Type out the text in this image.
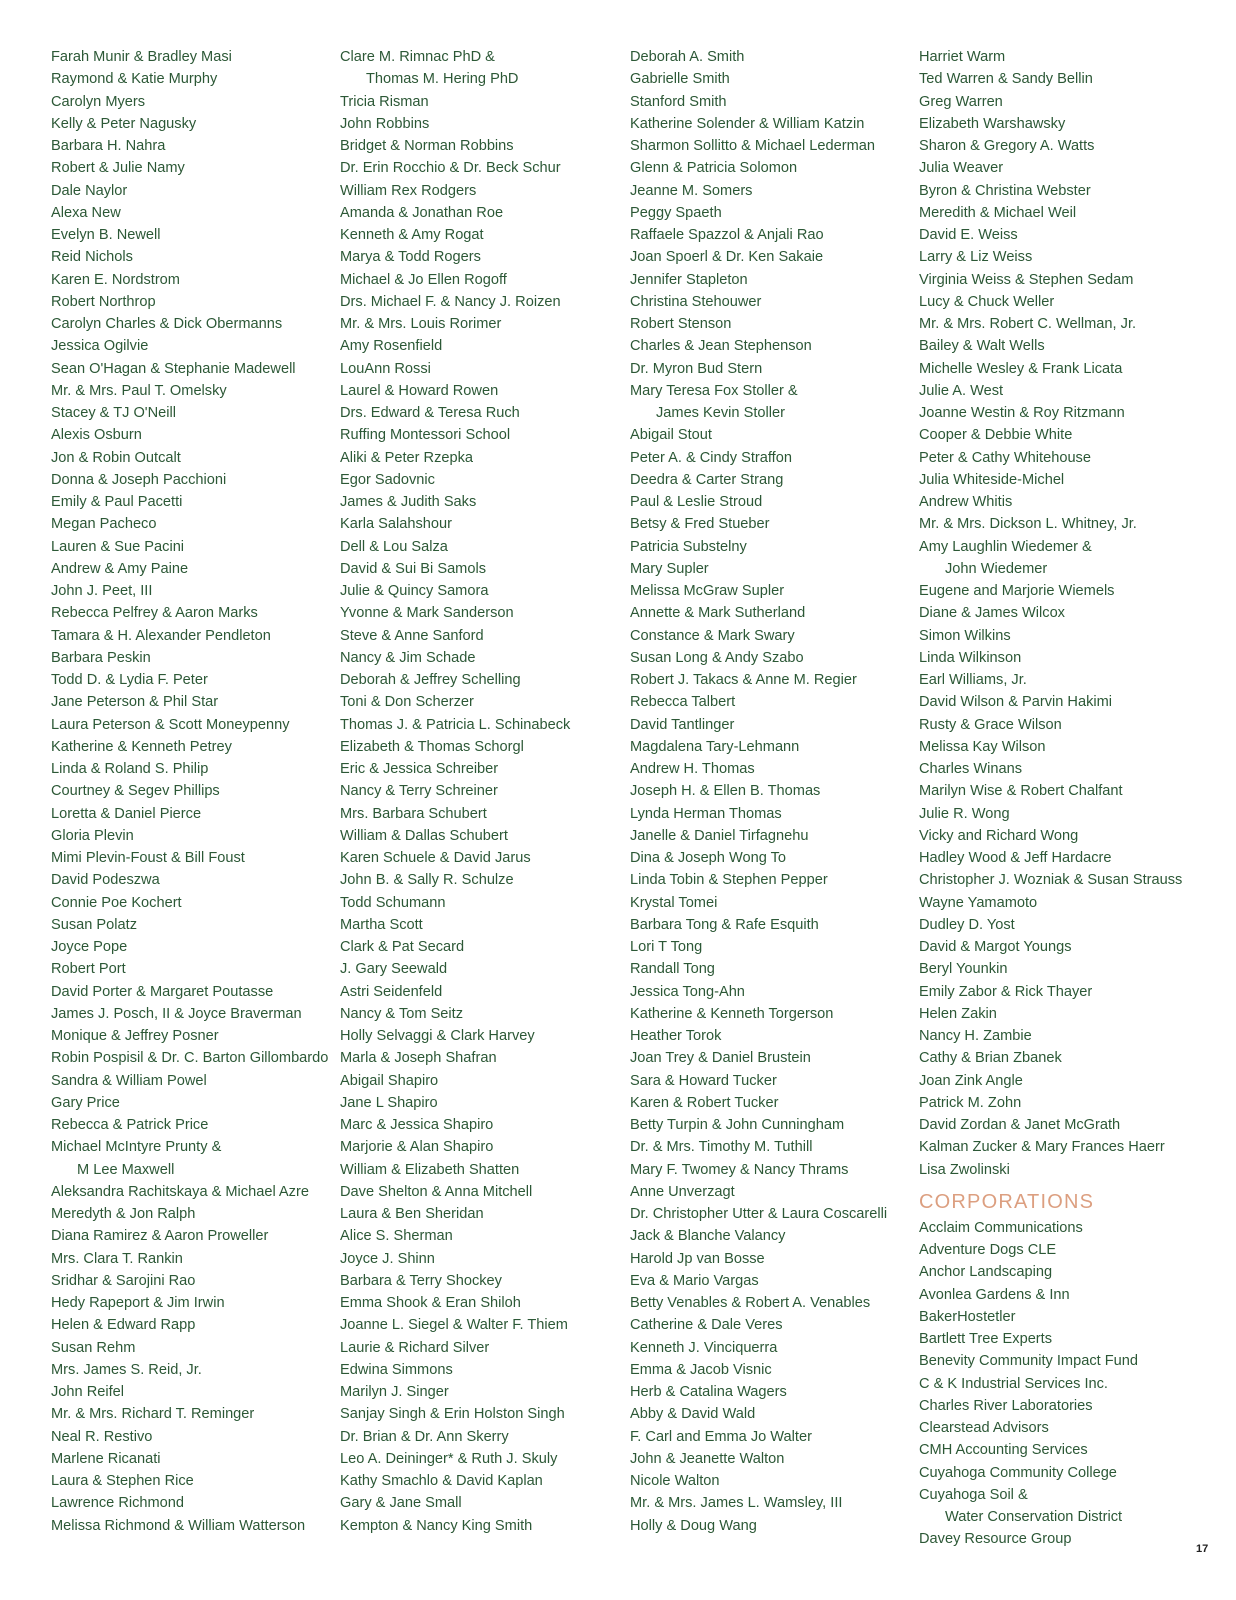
Farah Munir & Bradley Masi
Raymond & Katie Murphy
Carolyn Myers
Kelly & Peter Nagusky
Barbara H. Nahra
Robert & Julie Namy
Dale Naylor
Alexa New
Evelyn B. Newell
Reid Nichols
Karen E. Nordstrom
Robert Northrop
Carolyn Charles & Dick Obermanns
Jessica Ogilvie
Sean O'Hagan & Stephanie Madewell
Mr. & Mrs. Paul T. Omelsky
Stacey & TJ O'Neill
Alexis Osburn
Jon & Robin Outcalt
Donna & Joseph Pacchioni
Emily & Paul Pacetti
Megan Pacheco
Lauren & Sue Pacini
Andrew & Amy Paine
John J. Peet, III
Rebecca Pelfrey & Aaron Marks
Tamara & H. Alexander Pendleton
Barbara Peskin
Todd D. & Lydia F. Peter
Jane Peterson & Phil Star
Laura Peterson & Scott Moneypenny
Katherine & Kenneth Petrey
Linda & Roland S. Philip
Courtney & Segev Phillips
Loretta & Daniel Pierce
Gloria Plevin
Mimi Plevin-Foust & Bill Foust
David Podeszwa
Connie Poe Kochert
Susan Polatz
Joyce Pope
Robert Port
David Porter & Margaret Poutasse
James J. Posch, II & Joyce Braverman
Monique & Jeffrey Posner
Robin Pospisil & Dr. C. Barton Gillombardo
Sandra & William Powel
Gary Price
Rebecca & Patrick Price
Michael McIntyre Prunty &
M Lee Maxwell
Aleksandra Rachitskaya & Michael Azre
Meredyth & Jon Ralph
Diana Ramirez & Aaron Proweller
Mrs. Clara T. Rankin
Sridhar & Sarojini Rao
Hedy Rapeport & Jim Irwin
Helen & Edward Rapp
Susan Rehm
Mrs. James S. Reid, Jr.
John Reifel
Mr. & Mrs. Richard T. Reminger
Neal R. Restivo
Marlene Ricanati
Laura & Stephen Rice
Lawrence Richmond
Melissa Richmond & William Watterson
Clare M. Rimnac PhD &
Thomas M. Hering PhD
Tricia Risman
John Robbins
Bridget & Norman Robbins
Dr. Erin Rocchio & Dr. Beck Schur
William Rex Rodgers
Amanda & Jonathan Roe
Kenneth & Amy Rogat
Marya & Todd Rogers
Michael & Jo Ellen Rogoff
Drs. Michael F. & Nancy J. Roizen
Mr. & Mrs. Louis Rorimer
Amy Rosenfield
LouAnn Rossi
Laurel & Howard Rowen
Drs. Edward & Teresa Ruch
Ruffing Montessori School
Aliki & Peter Rzepka
Egor Sadovnic
James & Judith Saks
Karla Salahshour
Dell & Lou Salza
David & Sui Bi Samols
Julie & Quincy Samora
Yvonne & Mark Sanderson
Steve & Anne Sanford
Nancy & Jim Schade
Deborah & Jeffrey Schelling
Toni & Don Scherzer
Thomas J. & Patricia L. Schinabeck
Elizabeth & Thomas Schorgl
Eric & Jessica Schreiber
Nancy & Terry Schreiner
Mrs. Barbara Schubert
William & Dallas Schubert
Karen Schuele & David Jarus
John B. & Sally R. Schulze
Todd Schumann
Martha Scott
Clark & Pat Secard
J. Gary Seewald
Astri Seidenfeld
Nancy & Tom Seitz
Holly Selvaggi & Clark Harvey
Marla & Joseph Shafran
Abigail Shapiro
Jane L Shapiro
Marc & Jessica Shapiro
Marjorie & Alan Shapiro
William & Elizabeth Shatten
Dave Shelton & Anna Mitchell
Laura & Ben Sheridan
Alice S. Sherman
Joyce J. Shinn
Barbara & Terry Shockey
Emma Shook & Eran Shiloh
Joanne L. Siegel & Walter F. Thiem
Laurie & Richard Silver
Edwina Simmons
Marilyn J. Singer
Sanjay Singh & Erin Holston Singh
Dr. Brian & Dr. Ann Skerry
Leo A. Deininger* & Ruth J. Skuly
Kathy Smachlo & David Kaplan
Gary & Jane Small
Kempton & Nancy King Smith
Deborah A. Smith
Gabrielle Smith
Stanford Smith
Katherine Solender & William Katzin
Sharmon Sollitto & Michael Lederman
Glenn & Patricia Solomon
Jeanne M. Somers
Peggy Spaeth
Raffaele Spazzol & Anjali Rao
Joan Spoerl & Dr. Ken Sakaie
Jennifer Stapleton
Christina Stehouwer
Robert Stenson
Charles & Jean Stephenson
Dr. Myron Bud Stern
Mary Teresa Fox Stoller &
James Kevin Stoller
Abigail Stout
Peter A. & Cindy Straffon
Deedra & Carter Strang
Paul & Leslie Stroud
Betsy & Fred Stueber
Patricia Substelny
Mary Supler
Melissa McGraw Supler
Annette & Mark Sutherland
Constance & Mark Swary
Susan Long & Andy Szabo
Robert J. Takacs & Anne M. Regier
Rebecca Talbert
David Tantlinger
Magdalena Tary-Lehmann
Andrew H. Thomas
Joseph H. & Ellen B. Thomas
Lynda Herman Thomas
Janelle & Daniel Tirfagnehu
Dina & Joseph Wong To
Linda Tobin & Stephen Pepper
Krystal Tomei
Barbara Tong & Rafe Esquith
Lori T Tong
Randall Tong
Jessica Tong-Ahn
Katherine & Kenneth Torgerson
Heather Torok
Joan Trey & Daniel Brustein
Sara & Howard Tucker
Karen & Robert Tucker
Betty Turpin & John Cunningham
Dr. & Mrs. Timothy M. Tuthill
Mary F. Twomey & Nancy Thrams
Anne Unverzagt
Dr. Christopher Utter & Laura Coscarelli
Jack & Blanche Valancy
Harold Jp van Bosse
Eva & Mario Vargas
Betty Venables & Robert A. Venables
Catherine & Dale Veres
Kenneth J. Vinciquerra
Emma & Jacob Visnic
Herb & Catalina Wagers
Abby & David Wald
F. Carl and Emma Jo Walter
John & Jeanette Walton
Nicole Walton
Mr. & Mrs. James L. Wamsley, III
Holly & Doug Wang
Harriet Warm
Ted Warren & Sandy Bellin
Greg Warren
Elizabeth Warshawsky
Sharon & Gregory A. Watts
Julia Weaver
Byron & Christina Webster
Meredith & Michael Weil
David E. Weiss
Larry & Liz Weiss
Virginia Weiss & Stephen Sedam
Lucy & Chuck Weller
Mr. & Mrs. Robert C. Wellman, Jr.
Bailey & Walt Wells
Michelle Wesley & Frank Licata
Julie A. West
Joanne Westin & Roy Ritzmann
Cooper & Debbie White
Peter & Cathy Whitehouse
Julia Whiteside-Michel
Andrew Whitis
Mr. & Mrs. Dickson L. Whitney, Jr.
Amy Laughlin Wiedemer &
John Wiedemer
Eugene and Marjorie Wiemels
Diane & James Wilcox
Simon Wilkins
Linda Wilkinson
Earl Williams, Jr.
David Wilson & Parvin Hakimi
Rusty & Grace Wilson
Melissa Kay Wilson
Charles Winans
Marilyn Wise & Robert Chalfant
Julie R. Wong
Vicky and Richard Wong
Hadley Wood & Jeff Hardacre
Christopher J. Wozniak & Susan Strauss
Wayne Yamamoto
Dudley D. Yost
David & Margot Youngs
Beryl Younkin
Emily Zabor & Rick Thayer
Helen Zakin
Nancy H. Zambie
Cathy & Brian Zbanek
Joan Zink Angle
Patrick M. Zohn
David Zordan & Janet McGrath
Kalman Zucker & Mary Frances Haerr
Lisa Zwolinski
CORPORATIONS
Acclaim Communications
Adventure Dogs CLE
Anchor Landscaping
Avonlea Gardens & Inn
BakerHostetler
Bartlett Tree Experts
Benevity Community Impact Fund
C & K Industrial Services Inc.
Charles River Laboratories
Clearstead Advisors
CMH Accounting Services
Cuyahoga Community College
Cuyahoga Soil &
Water Conservation District
Davey Resource Group
17
